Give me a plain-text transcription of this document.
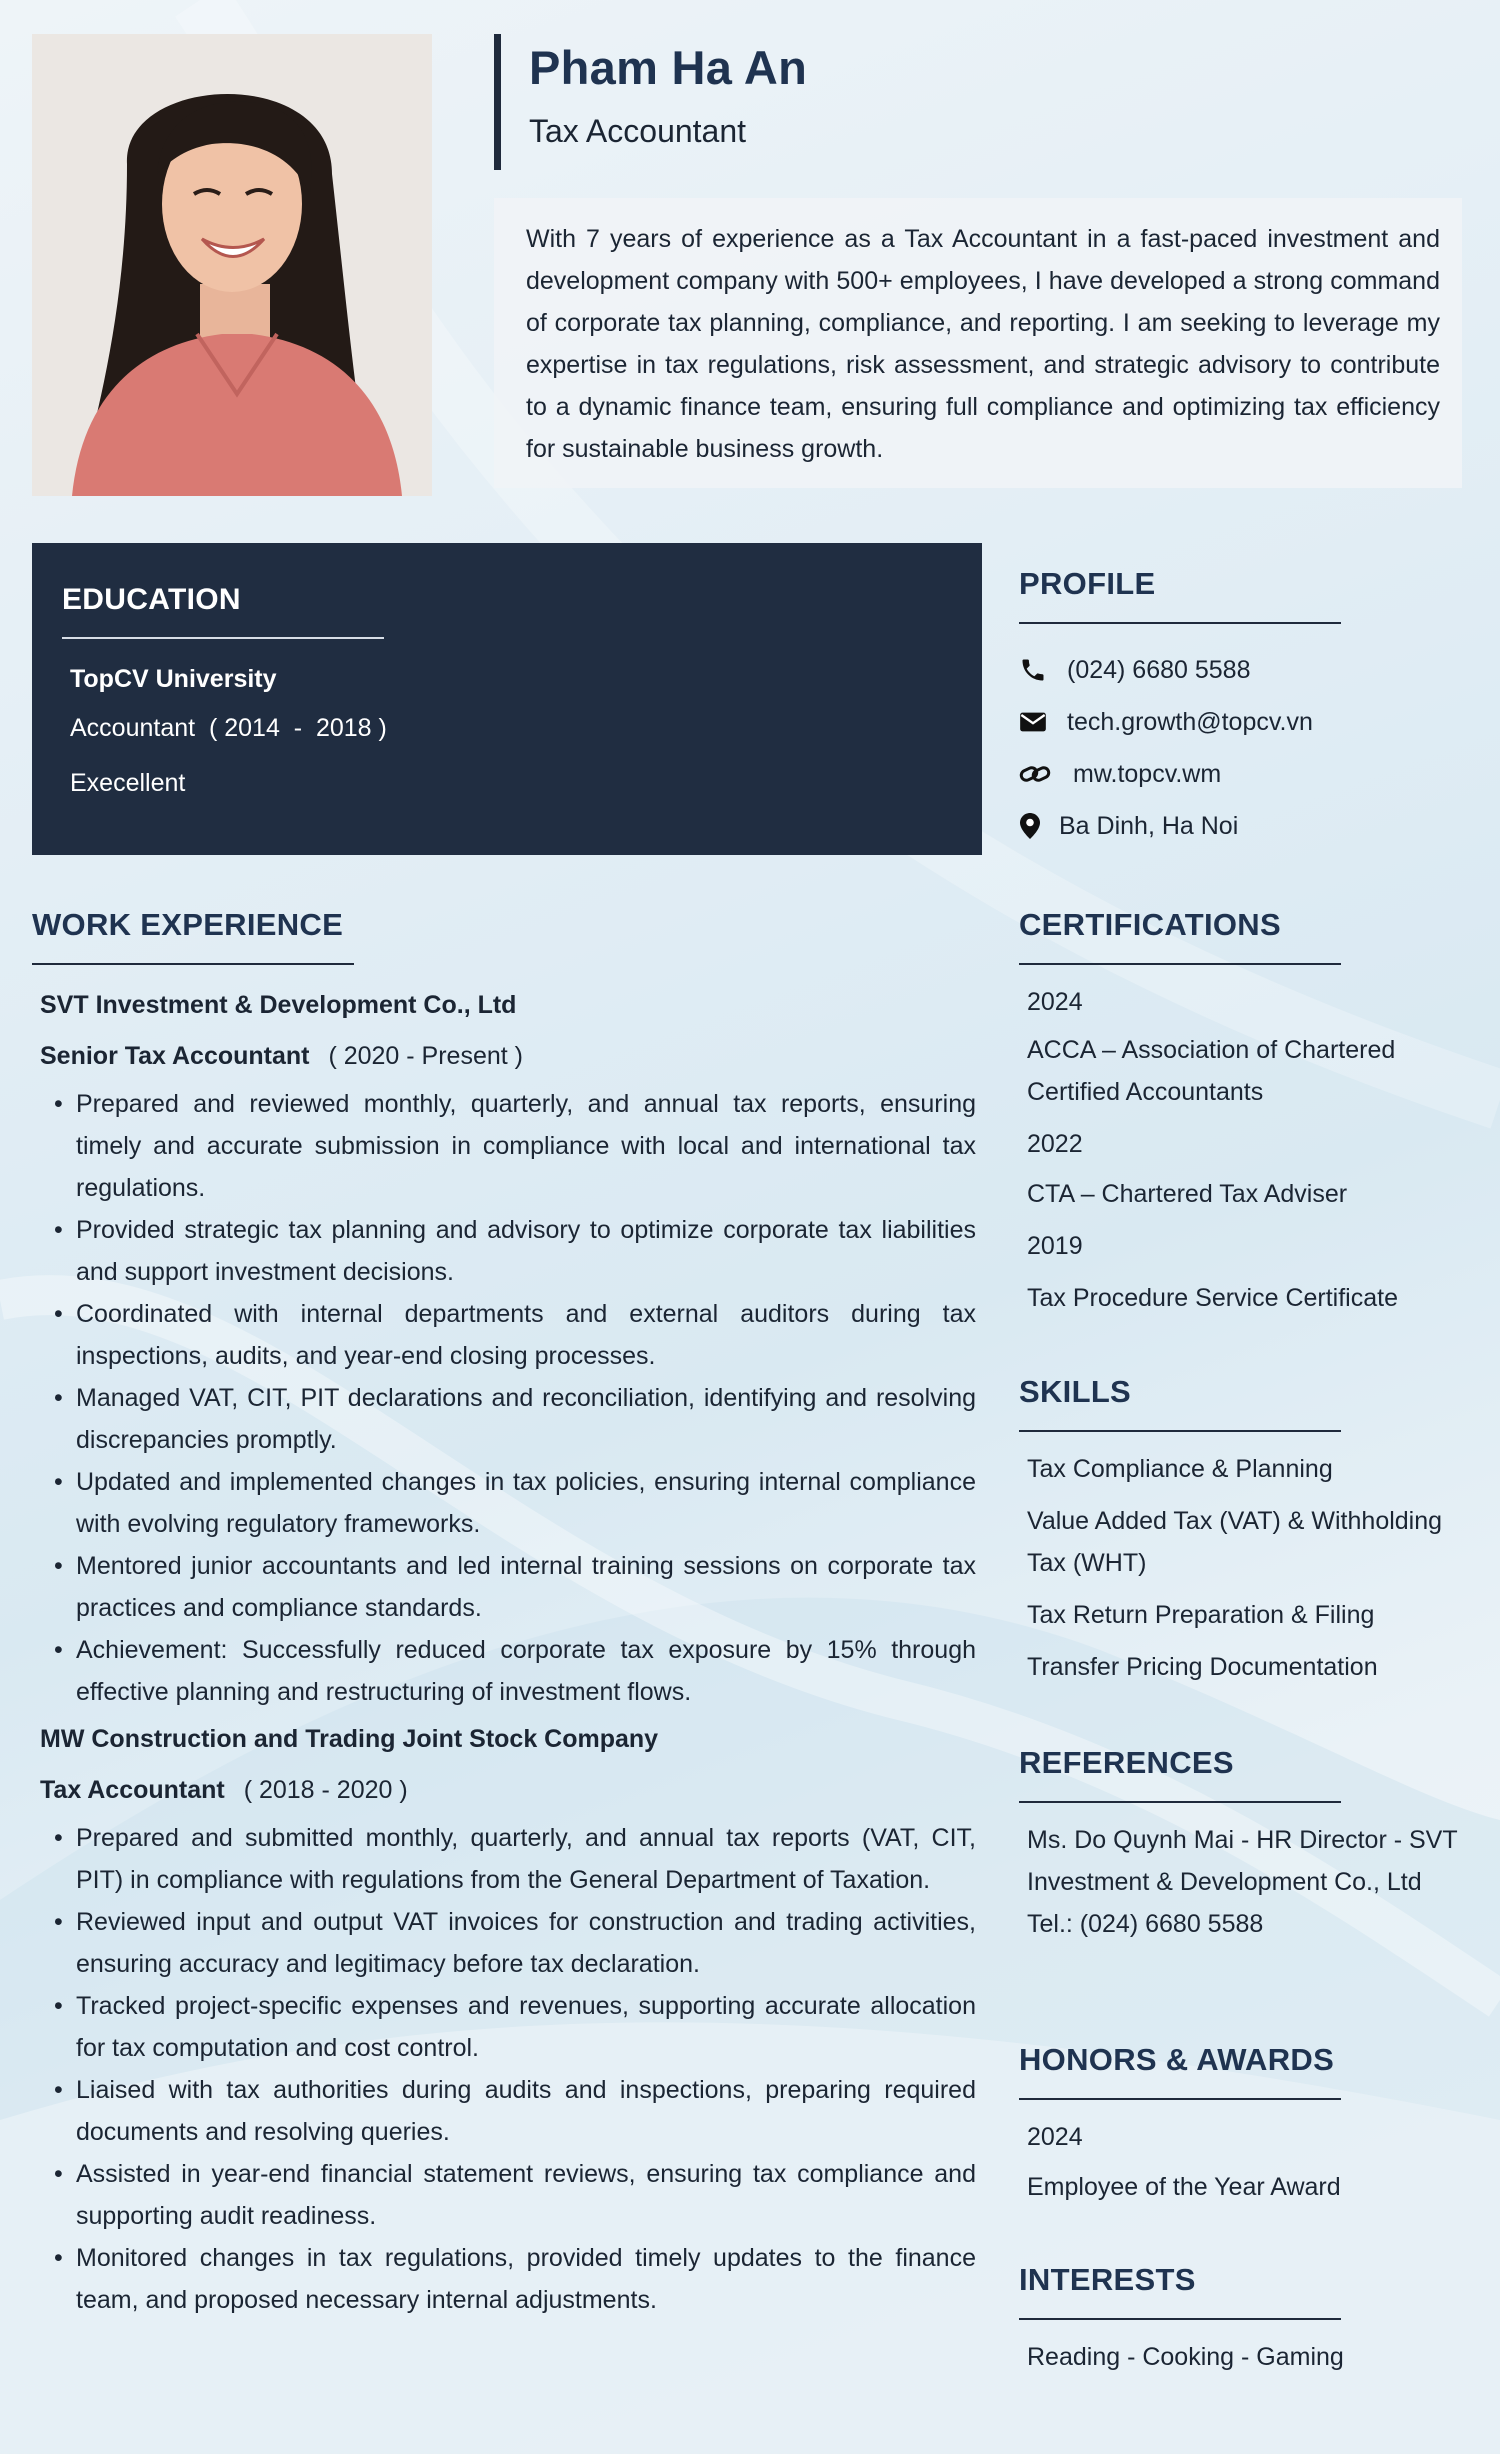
Pham Ha An
Tax Accountant
With 7 years of experience as a Tax Accountant in a fast-paced investment and development company with 500+ employees, I have developed a strong command of corporate tax planning, compliance, and reporting. I am seeking to leverage my expertise in tax regulations, risk assessment, and strategic advisory to contribute to a dynamic finance team, ensuring full compliance and optimizing tax efficiency for sustainable business growth.
EDUCATION
TopCV University
Accountant  ( 2014  -  2018 )
Execellent
WORK EXPERIENCE
SVT Investment & Development Co., Ltd
Senior Tax Accountant ( 2020 - Present )
• Prepared and reviewed monthly, quarterly, and annual tax reports, ensuring timely and accurate submission in compliance with local and international tax regulations.
• Provided strategic tax planning and advisory to optimize corporate tax liabilities and support investment decisions.
• Coordinated with internal departments and external auditors during tax inspections, audits, and year-end closing processes.
• Managed VAT, CIT, PIT declarations and reconciliation, identifying and resolving discrepancies promptly.
• Updated and implemented changes in tax policies, ensuring internal compliance with evolving regulatory frameworks.
• Mentored junior accountants and led internal training sessions on corporate tax practices and compliance standards.
• Achievement: Successfully reduced corporate tax exposure by 15% through effective planning and restructuring of investment flows.
MW Construction and Trading Joint Stock Company
Tax Accountant ( 2018 - 2020 )
• Prepared and submitted monthly, quarterly, and annual tax reports (VAT, CIT, PIT) in compliance with regulations from the General Department of Taxation.
• Reviewed input and output VAT invoices for construction and trading activities, ensuring accuracy and legitimacy before tax declaration.
• Tracked project-specific expenses and revenues, supporting accurate allocation for tax computation and cost control.
• Liaised with tax authorities during audits and inspections, preparing required documents and resolving queries.
• Assisted in year-end financial statement reviews, ensuring tax compliance and supporting audit readiness.
• Monitored changes in tax regulations, provided timely updates to the finance team, and proposed necessary internal adjustments.
PROFILE
(024) 6680 5588
tech.growth@topcv.vn
mw.topcv.wm
Ba Dinh, Ha Noi
CERTIFICATIONS
2024
ACCA – Association of Chartered Certified Accountants
2022
CTA – Chartered Tax Adviser
2019
Tax Procedure Service Certificate
SKILLS
Tax Compliance & Planning
Value Added Tax (VAT) & Withholding Tax (WHT)
Tax Return Preparation & Filing
Transfer Pricing Documentation
REFERENCES
Ms. Do Quynh Mai - HR Director - SVT Investment & Development Co., Ltd
Tel.: (024) 6680 5588
HONORS & AWARDS
2024
Employee of the Year Award
INTERESTS
Reading - Cooking - Gaming
